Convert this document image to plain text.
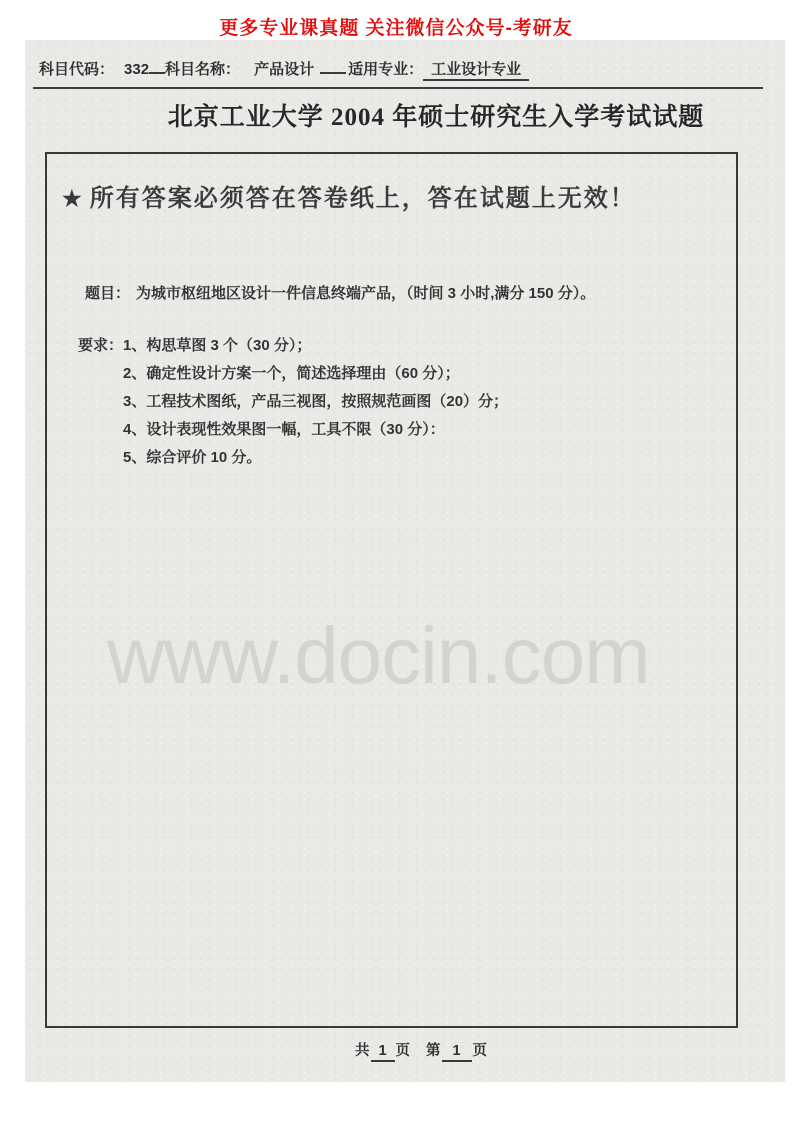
更多专业课真题 关注微信公众号-考研友
科目代码： 332 科目名称： 产品设计 适用专业： 工业设计专业
北京工业大学 2004 年硕士研究生入学考试试题
★ 所有答案必须答在答卷纸上，答在试题上无效！
题目： 为城市枢纽地区设计一件信息终端产品，（时间 3 小时,满分 150 分）。
要求： 1、构思草图 3 个（30 分）；
2、确定性设计方案一个，简述选择理由（60 分）；
3、工程技术图纸，产品三视图，按照规范画图（20）分；
4、设计表现性效果图一幅，工具不限（30 分）：
5、综合评价 10 分。
www.docin.com
共 1 页 第 1 页
